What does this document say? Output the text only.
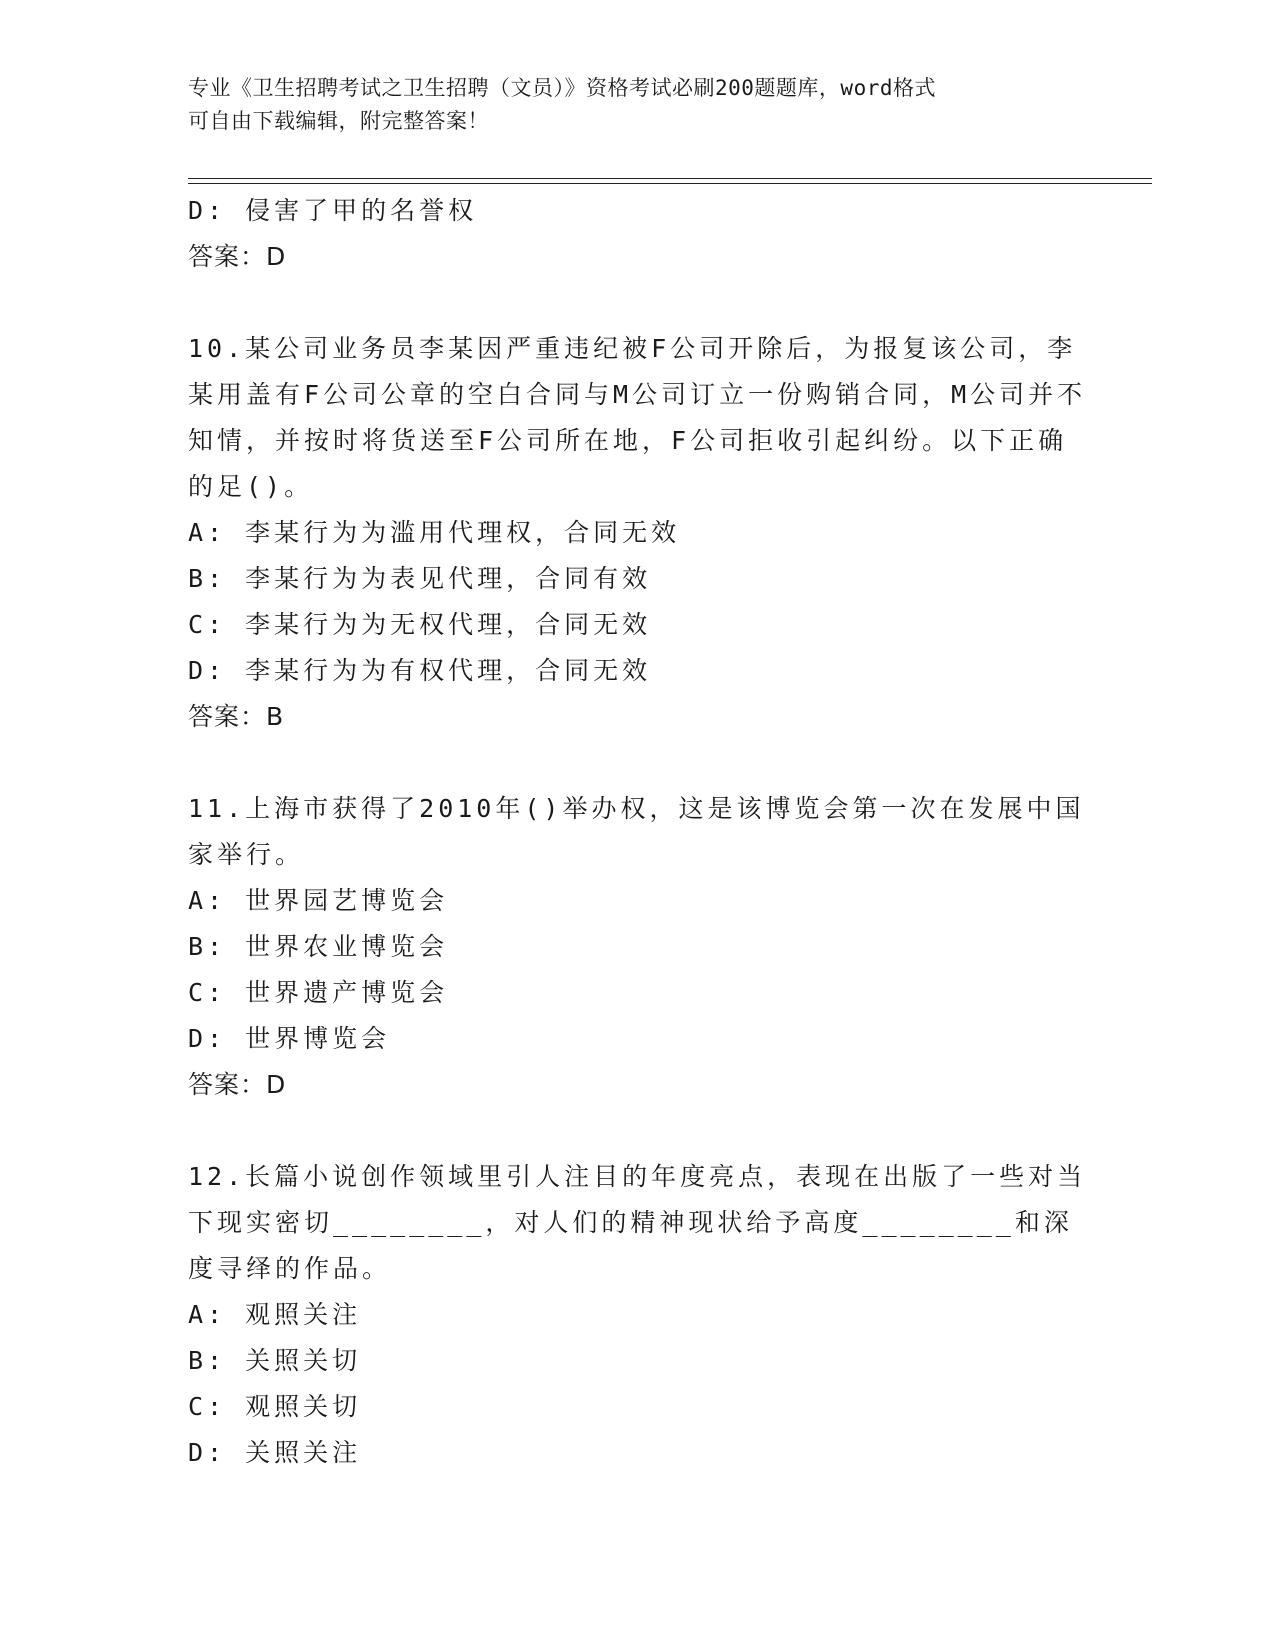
专业《卫生招聘考试之卫生招聘（文员）》资格考试必刷200题题库，word格式
可自由下载编辑，附完整答案！
D: 侵害了甲的名誉权
答案：D
10.某公司业务员李某因严重违纪被F公司开除后，为报复该公司，李某用盖有F公司公章的空白合同与M公司订立一份购销合同，M公司并不知情，并按时将货送至F公司所在地，F公司拒收引起纠纷。以下正确的足()。
A: 李某行为为滥用代理权，合同无效
B: 李某行为为表见代理，合同有效
C: 李某行为为无权代理，合同无效
D: 李某行为为有权代理，合同无效
答案：B
11.上海市获得了2010年()举办权，这是该博览会第一次在发展中国家举行。
A: 世界园艺博览会
B: 世界农业博览会
C: 世界遗产博览会
D: 世界博览会
答案：D
12.长篇小说创作领域里引人注目的年度亮点，表现在出版了一些对当下现实密切________，对人们的精神现状给予高度________和深度寻绎的作品。
A: 观照关注
B: 关照关切
C: 观照关切
D: 关照关注
